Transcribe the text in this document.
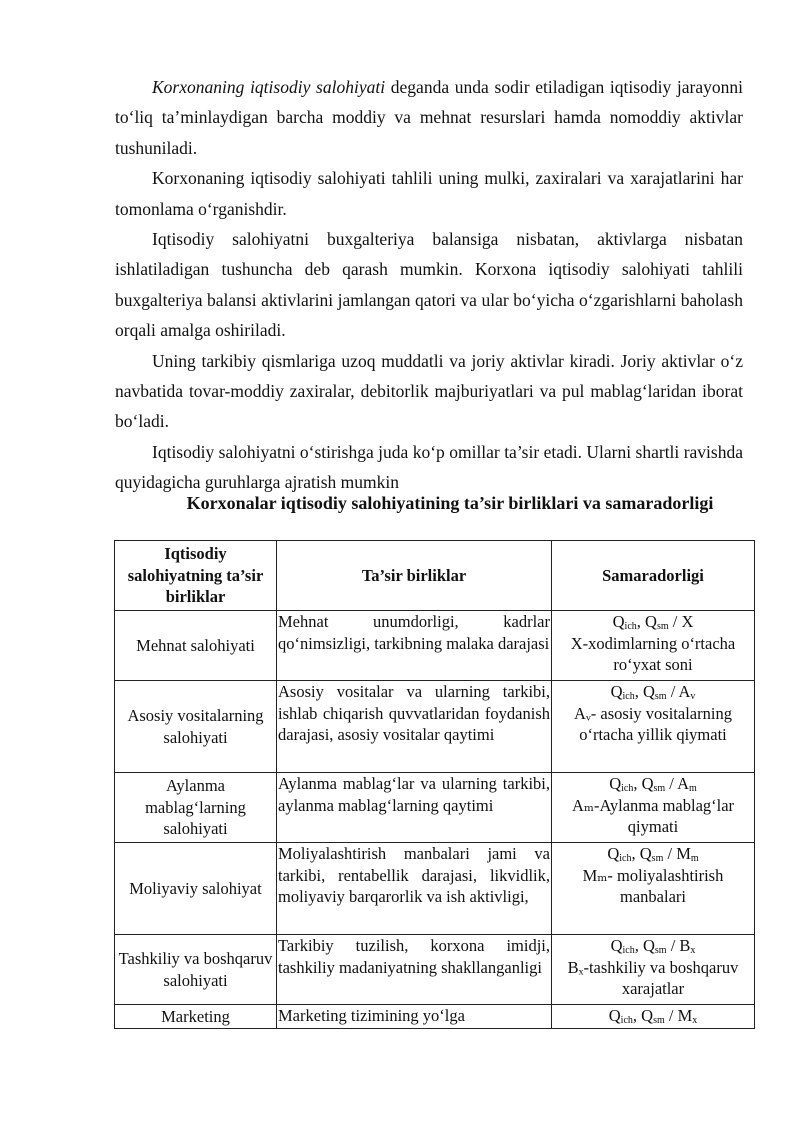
Korxonaning iqtisodiy salohiyati deganda unda sodir etiladigan iqtisodiy jarayonni to‘liq ta’minlaydigan barcha moddiy va mehnat resurslari hamda nomoddiy aktivlar tushuniladi.

Korxonaning iqtisodiy salohiyati tahlili uning mulki, zaxiralari va xarajatlarini har tomonlama o‘rganishdir.

Iqtisodiy salohiyatni buxgalteriya balansiga nisbatan, aktivlarga nisbatan ishlatiladigan tushuncha deb qarash mumkin. Korxona iqtisodiy salohiyati tahlili buxgalteriya balansi aktivlarini jamlangan qatori va ular bo‘yicha o‘zgarishlarni baholash orqali amalga oshiriladi.

Uning tarkibiy qismlariga uzoq muddatli va joriy aktivlar kiradi. Joriy aktivlar o‘z navbatida tovar-moddiy zaxiralar, debitorlik majburiyatlari va pul mablag‘laridan iborat bo‘ladi.

Iqtisodiy salohiyatni o‘stirishga juda ko‘p omillar ta’sir etadi. Ularni shartli ravishda quyidagicha guruhlarga ajratish mumkin

Korxonalar iqtisodiy salohiyatining ta’sir birliklari va samaradorligi
Iqtisodiy salohiyatning ta’sir birliklar	Ta’sir birliklar	Samaradorligi
Mehnat salohiyati	Mehnat unumdorligi, kadrlar qo‘nimsizligi, tarkibning malaka darajasi	$Q_{ich}$, $Q_{sm}$ / X
X-xodimlarning o‘rtacha ro‘yxat soni

Asosiy vositalarning salohiyati	Asosiy vositalar va ularning tarkibi, ishlab chiqarish quvvatlaridan foydanish darajasi, asosiy vositalar qaytimi	$Q_{ich}$, $Q_{sm} / A_v$
Aᵥ- asosiy vositalarning o‘rtacha yillik qiymati

Aylanma mablag‘larning salohiyati	Aylanma mablag‘lar va ularning tarkibi, aylanma mablag‘larning qaytimi	$Q_{ich}$, $Q_{sm} / A_m$
Aₘ-Aylanma mablag‘lar qiymati

Moliyaviy salohiyat	Moliyalashtirish manbalari jami va tarkibi, rentabellik darajasi, likvidlik, moliyaviy barqarorlik va ish aktivligi,	$Q_{ich}$, $Q_{sm} / M_m$
Mₘ- moliyalashtirish manbalari

Tashkiliy va boshqaruv salohiyati	Tarkibiy tuzilish, korxona imidji, tashkiliy madaniyatning shakllanganligi	$Q_{ich}$, $Q_{sm} / B_x$
Bₓ-tashkiliy va boshqaruv xarajatlar

Marketing	Marketing tizimining yo‘lga	$Q_{ich}$, $Q_{sm} / M_x$
